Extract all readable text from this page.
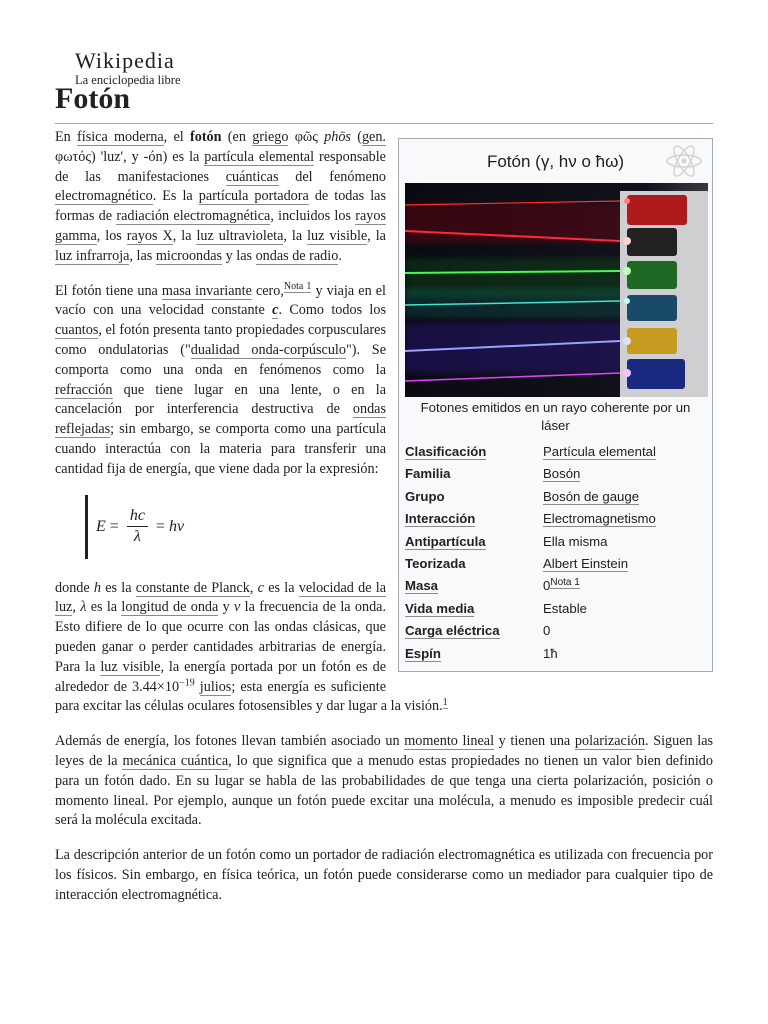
Wikipedia
La enciclopedia libre
Fotón
Fotón (γ, hν o ħω)
Fotones emitidos en un rayo coherente por un láser
Clasificación	Partícula elemental
Familia	Bosón
Grupo	Bosón de gauge
Interacción	Electromagnetismo
Antipartícula	Ella misma
Teorizada	Albert Einstein
Masa	$0^{Nota 1}$
Vida media	Estable
Carga eléctrica	0
Espín	1ħ

En física moderna, el fotón (en griego φῶς phōs (gen. φωτός) 'luz', y -ón) es la partícula elemental responsable de las manifestaciones cuánticas del fenómeno electromagnético. Es la partícula portadora de todas las formas de radiación electromagnética, incluidos los rayos gamma, los rayos X, la luz ultravioleta, la luz visible, la luz infrarroja, las microondas y las ondas de radio.

El fotón tiene una masa invariante cero,$^{Nota 1}$ y viaja en el vacío con una velocidad constante c. Como todos los cuantos, el fotón presenta tanto propiedades corpusculares como ondulatorias ("dualidad onda-corpúsculo"). Se comporta como una onda en fenómenos como la refracción que tiene lugar en una lente, o en la cancelación por interferencia destructiva de ondas reflejadas; sin embargo, se comporta como una partícula cuando interactúa con la materia para transferir una cantidad fija de energía, que viene dada por la expresión:

$E = \frac{hc}{\lambda} = h\nu$

donde h es la constante de Planck, c es la velocidad de la luz, λ es la longitud de onda y ν la frecuencia de la onda. Esto difiere de lo que ocurre con las ondas clásicas, que pueden ganar o perder cantidades arbitrarias de energía. Para la luz visible, la energía portada por un fotón es de alrededor de $3.44\times 10^{-19}$ julios; esta energía es suficiente para excitar las células oculares fotosensibles y dar lugar a la visión.$^1$

Además de energía, los fotones llevan también asociado un momento lineal y tienen una polarización. Siguen las leyes de la mecánica cuántica, lo que significa que a menudo estas propiedades no tienen un valor bien definido para un fotón dado. En su lugar se habla de las probabilidades de que tenga una cierta polarización, posición o momento lineal. Por ejemplo, aunque un fotón puede excitar una molécula, a menudo es imposible predecir cuál será la molécula excitada.

La descripción anterior de un fotón como un portador de radiación electromagnética es utilizada con frecuencia por los físicos. Sin embargo, en física teórica, un fotón puede considerarse como un mediador para cualquier tipo de interacción electromagnética.
